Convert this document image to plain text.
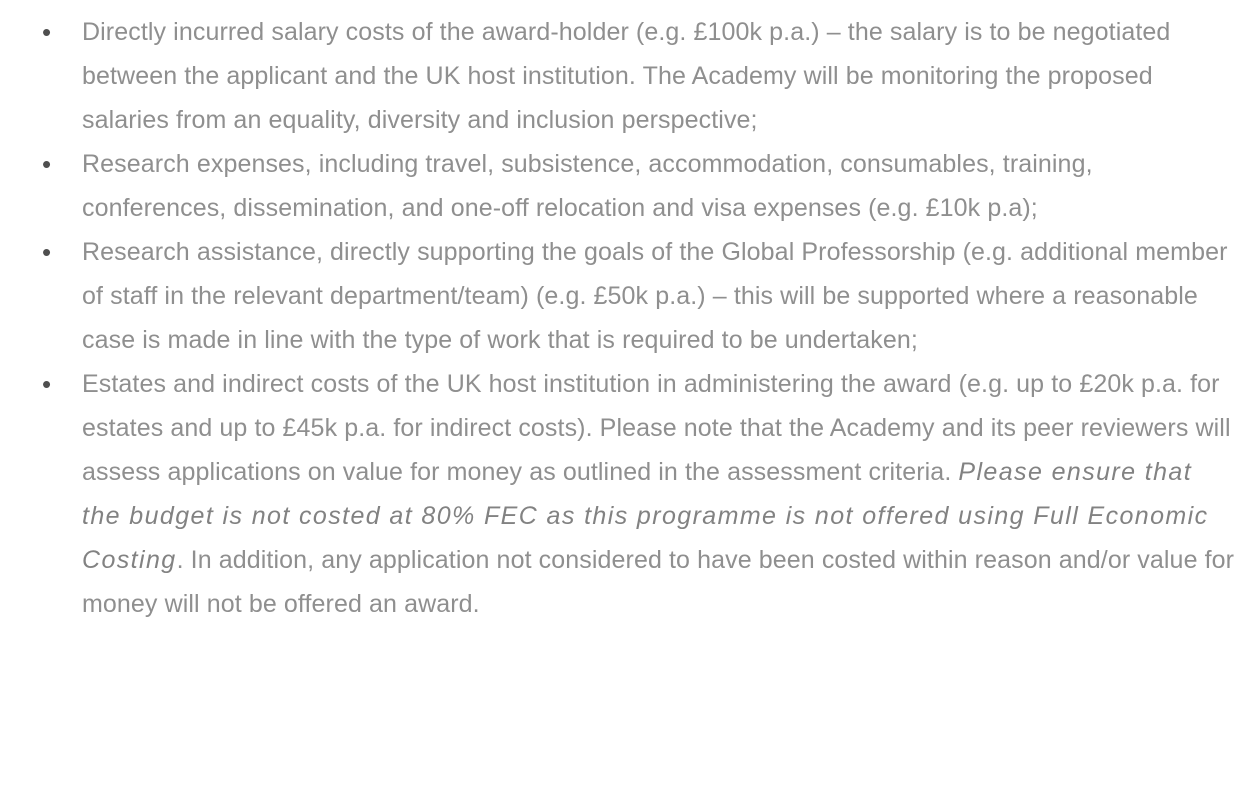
•	Directly incurred salary costs of the award-holder (e.g. £100k p.a.) – the salary is to be negotiated between the applicant and the UK host institution. The Academy will be monitoring the proposed salaries from an equality, diversity and inclusion perspective;
•	Research expenses, including travel, subsistence, accommodation, consumables, training, conferences, dissemination, and one-off relocation and visa expenses (e.g. £10k p.a);
•	Research assistance, directly supporting the goals of the Global Professorship (e.g. additional member of staff in the relevant department/team) (e.g. £50k p.a.) – this will be supported where a reasonable case is made in line with the type of work that is required to be undertaken;
•	Estates and indirect costs of the UK host institution in administering the award (e.g. up to £20k p.a. for estates and up to £45k p.a. for indirect costs). Please note that the Academy and its peer reviewers will assess applications on value for money as outlined in the assessment criteria. Please ensure that the budget is not costed at 80% FEC as this programme is not offered using Full Economic Costing. In addition, any application not considered to have been costed within reason and/or value for money will not be offered an award.
